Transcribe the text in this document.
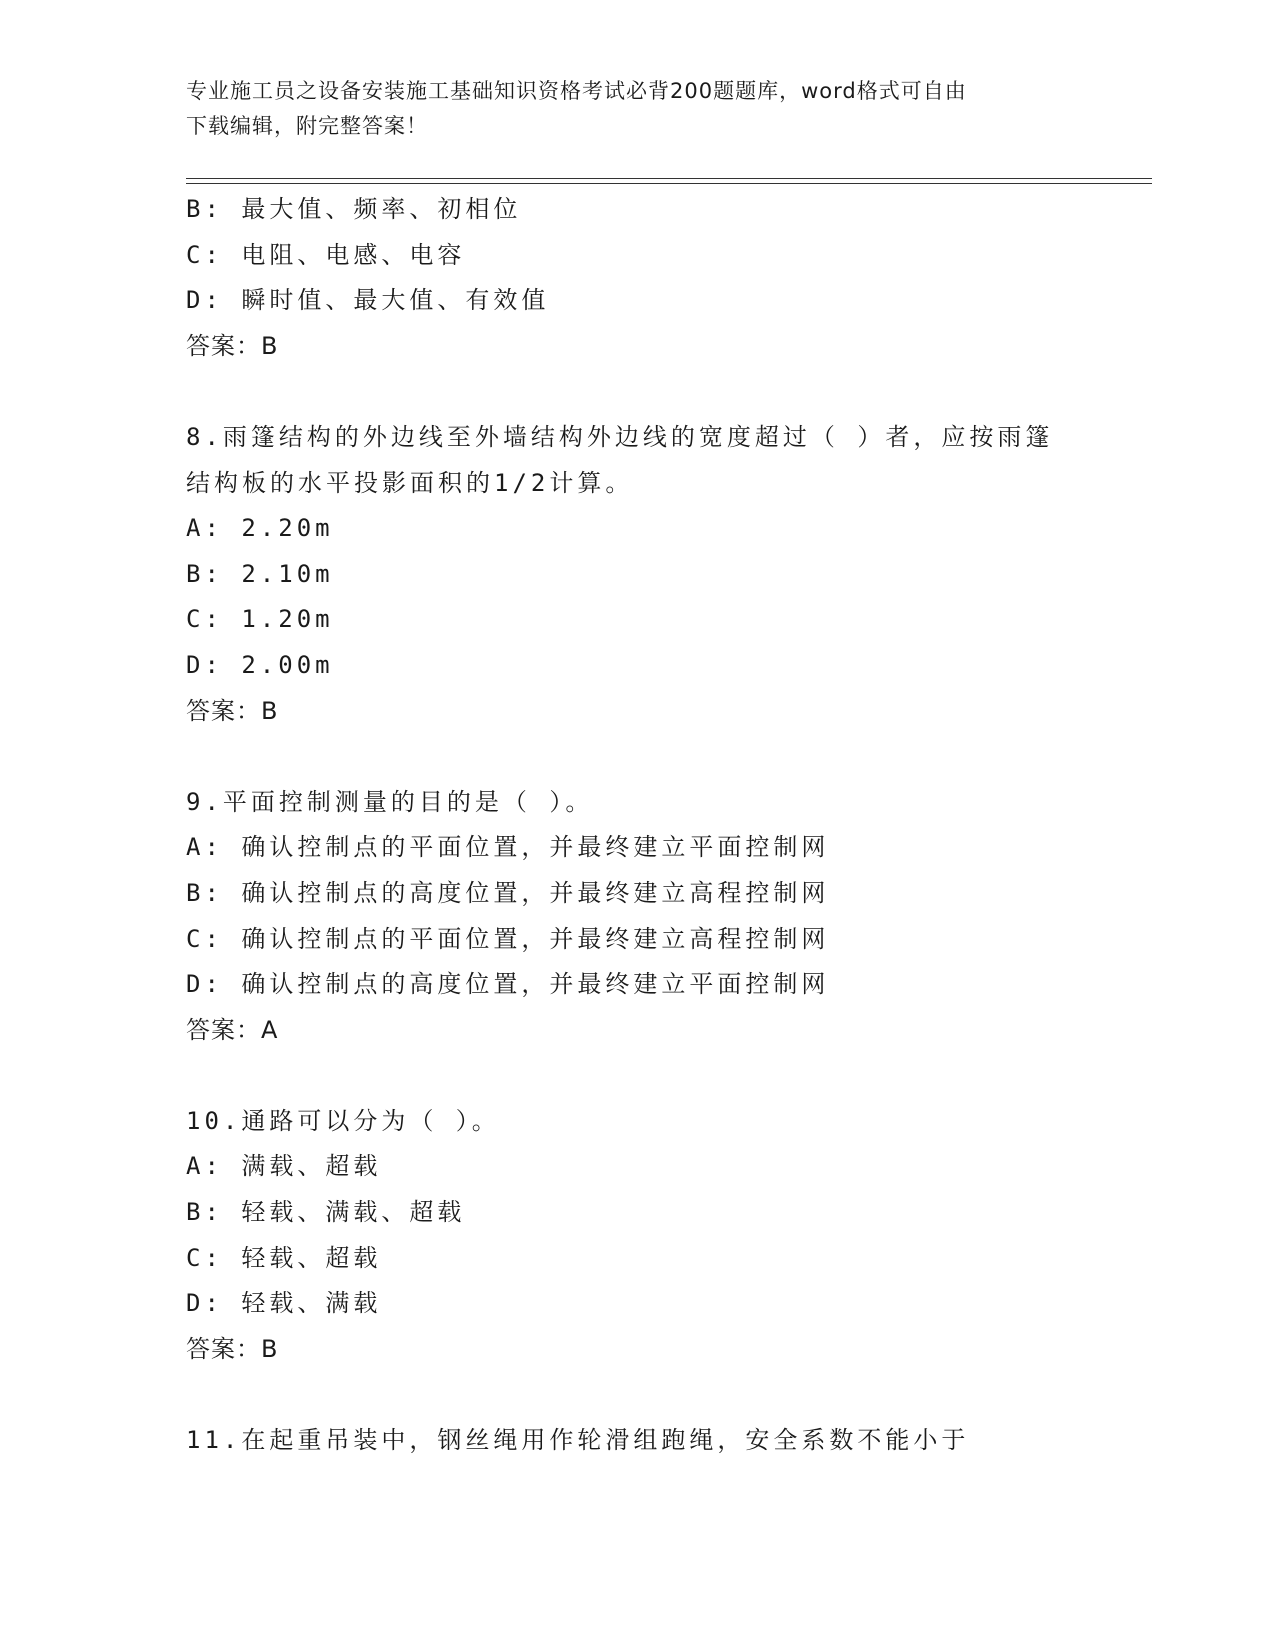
专业施工员之设备安装施工基础知识资格考试必背200题题库，word格式可自由
下载编辑，附完整答案！
B: 最大值、频率、初相位
C: 电阻、电感、电容
D: 瞬时值、最大值、有效值
答案：B
8.雨篷结构的外边线至外墙结构外边线的宽度超过（ ）者，应按雨篷
结构板的水平投影面积的1/2计算。
A: 2.20m
B: 2.10m
C: 1.20m
D: 2.00m
答案：B
9.平面控制测量的目的是（ ）。
A: 确认控制点的平面位置，并最终建立平面控制网
B: 确认控制点的高度位置，并最终建立高程控制网
C: 确认控制点的平面位置，并最终建立高程控制网
D: 确认控制点的高度位置，并最终建立平面控制网
答案：A
10.通路可以分为（ ）。
A: 满载、超载
B: 轻载、满载、超载
C: 轻载、超载
D: 轻载、满载
答案：B
11.在起重吊装中，钢丝绳用作轮滑组跑绳，安全系数不能小于
